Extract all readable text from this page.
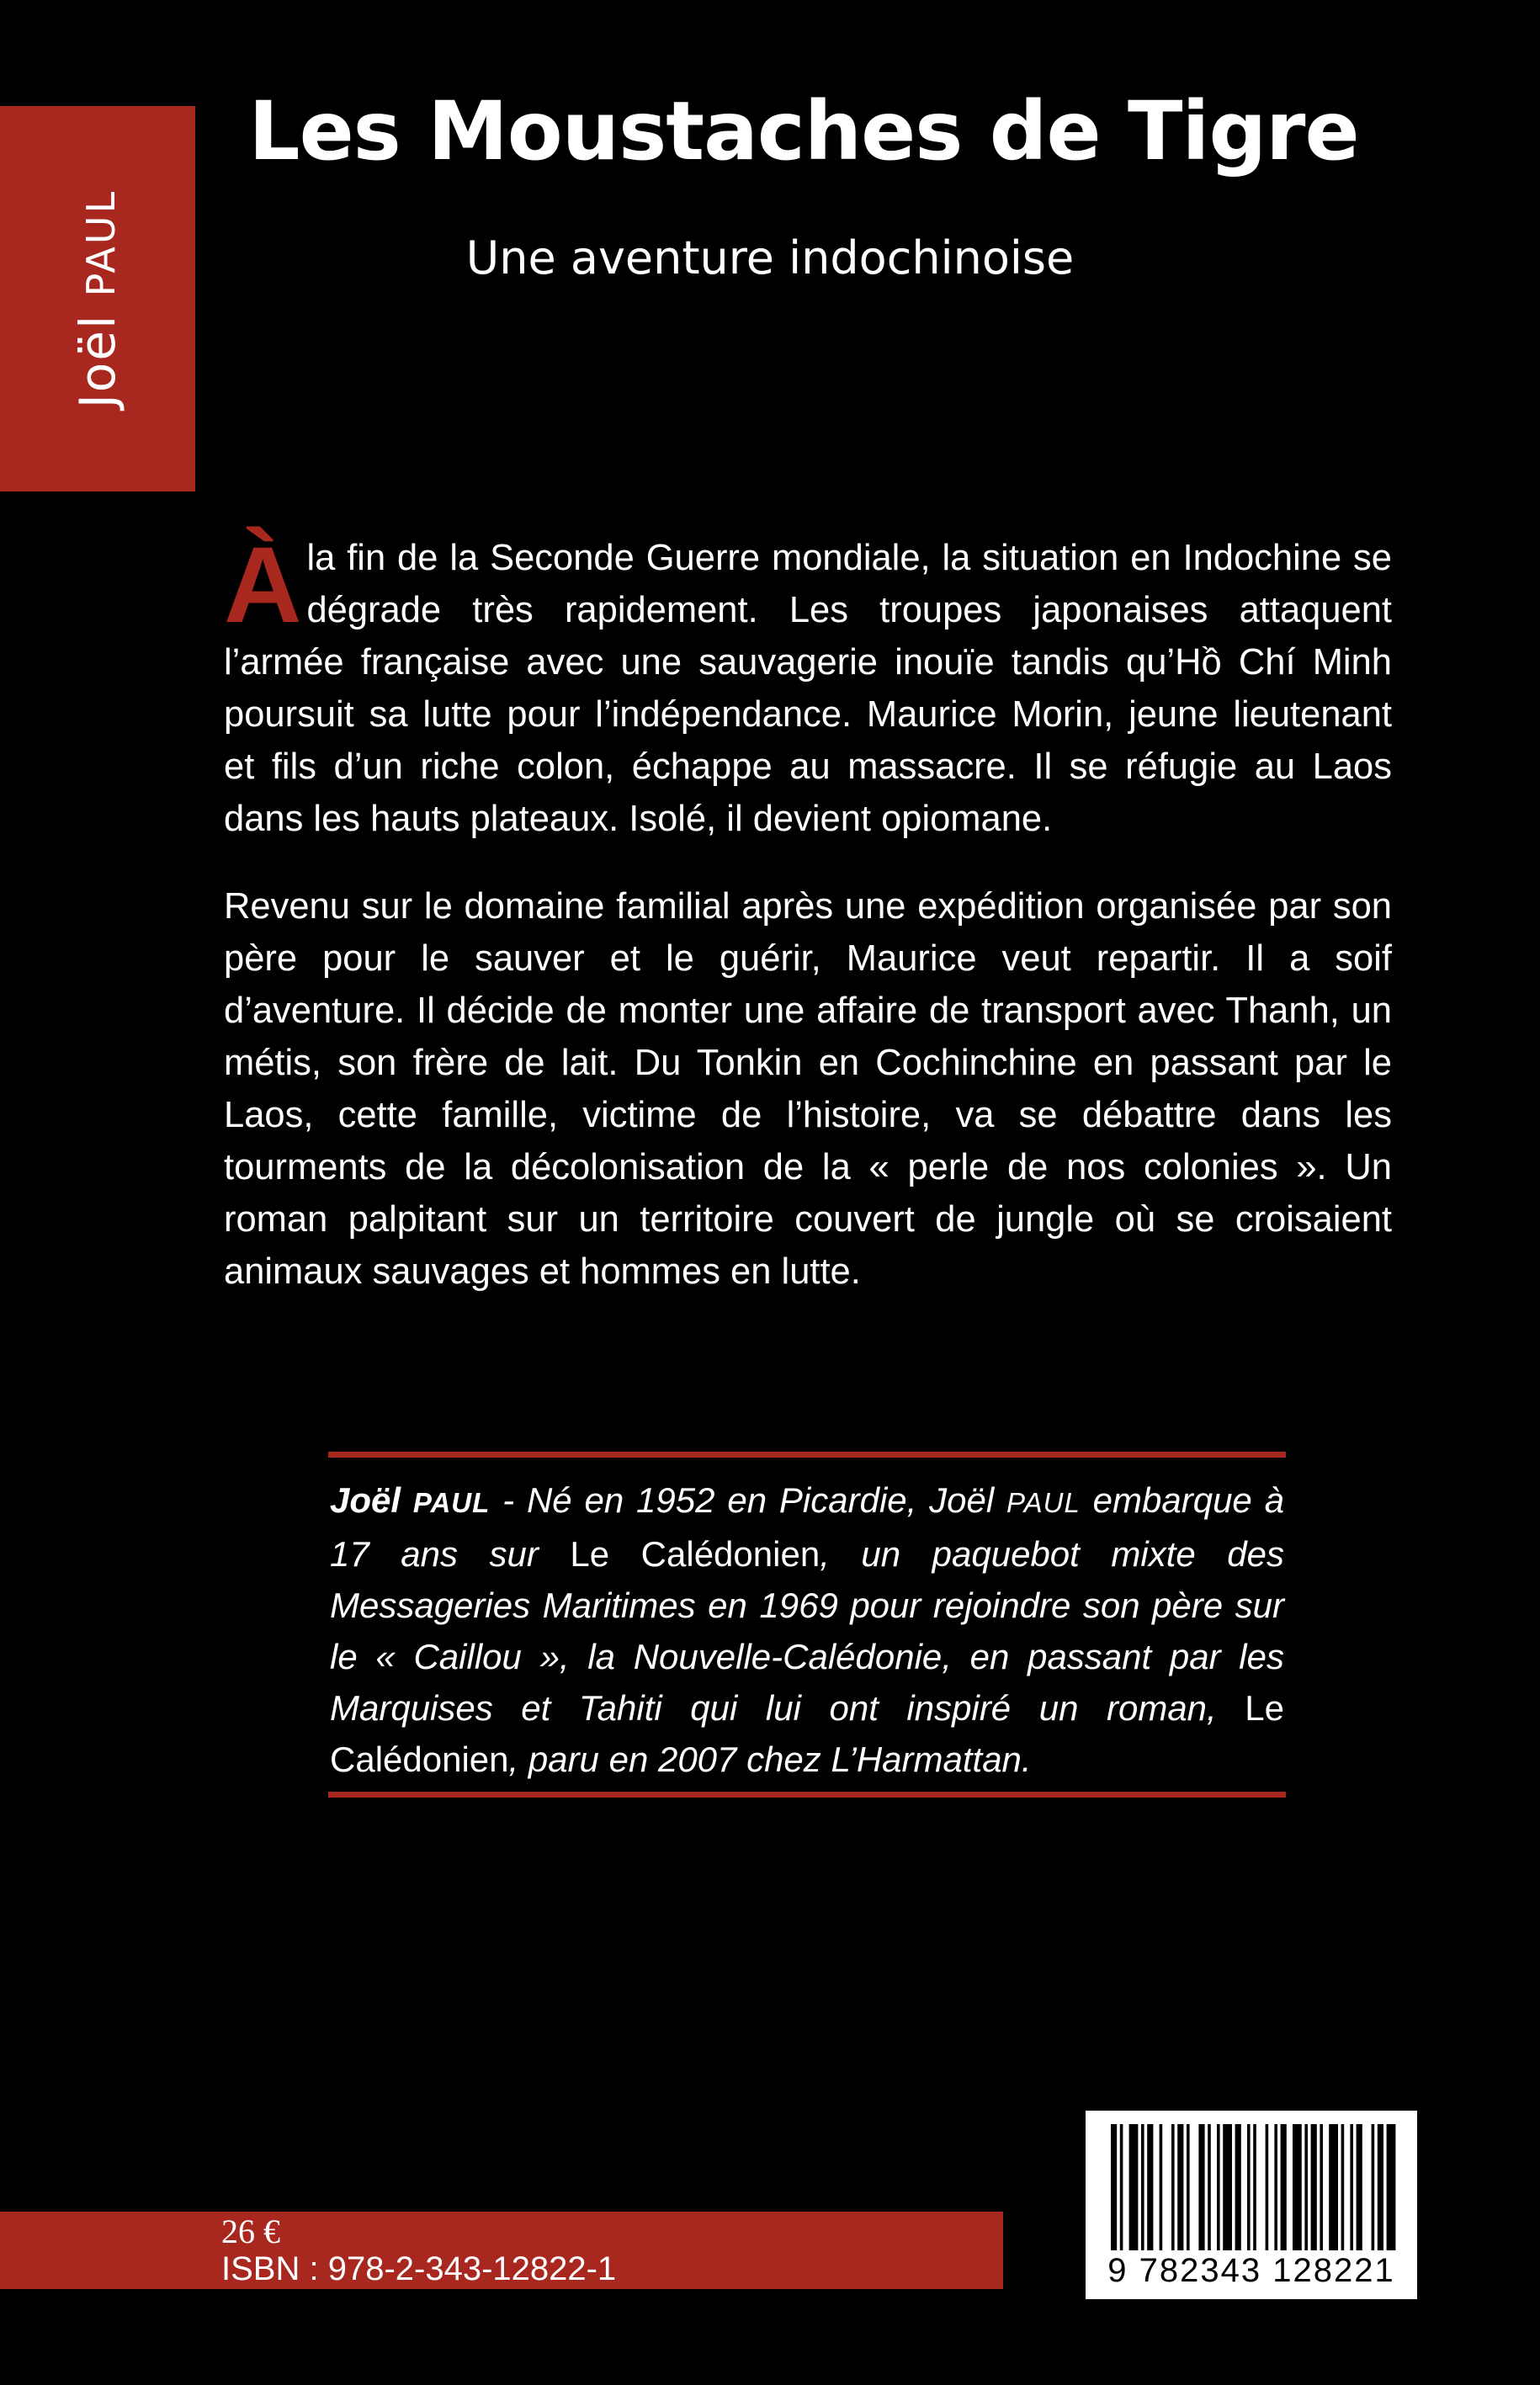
Joël PAUL
Les Moustaches de Tigre
Une aventure indochinoise

À la fin de la Seconde Guerre mondiale, la situation en Indochine se dégrade très rapidement. Les troupes japonaises attaquent l’armée française avec une sauvagerie inouïe tandis qu’Hồ Chí Minh poursuit sa lutte pour l’indépendance. Maurice Morin, jeune lieutenant et fils d’un riche colon, échappe au massacre. Il se réfugie au Laos dans les hauts plateaux. Isolé, il devient opiomane.

Revenu sur le domaine familial après une expédition organisée par son père pour le sauver et le guérir, Maurice veut repartir. Il a soif d’aventure. Il décide de monter une affaire de transport avec Thanh, un métis, son frère de lait. Du Tonkin en Cochinchine en passant par le Laos, cette famille, victime de l’histoire, va se débattre dans les tourments de la décolonisation de la « perle de nos colonies ». Un roman palpitant sur un territoire couvert de jungle où se croisaient animaux sauvages et hommes en lutte.

Joël PAUL - Né en 1952 en Picardie, Joël PAUL embarque à 17 ans sur Le Calédonien, un paquebot mixte des Messageries Maritimes en 1969 pour rejoindre son père sur le « Caillou », la Nouvelle-Calédonie, en passant par les Marquises et Tahiti qui lui ont inspiré un roman, Le Calédonien, paru en 2007 chez L’Harmattan.

26 €

ISBN : 978-2-343-12822-1	9 782343 128221
